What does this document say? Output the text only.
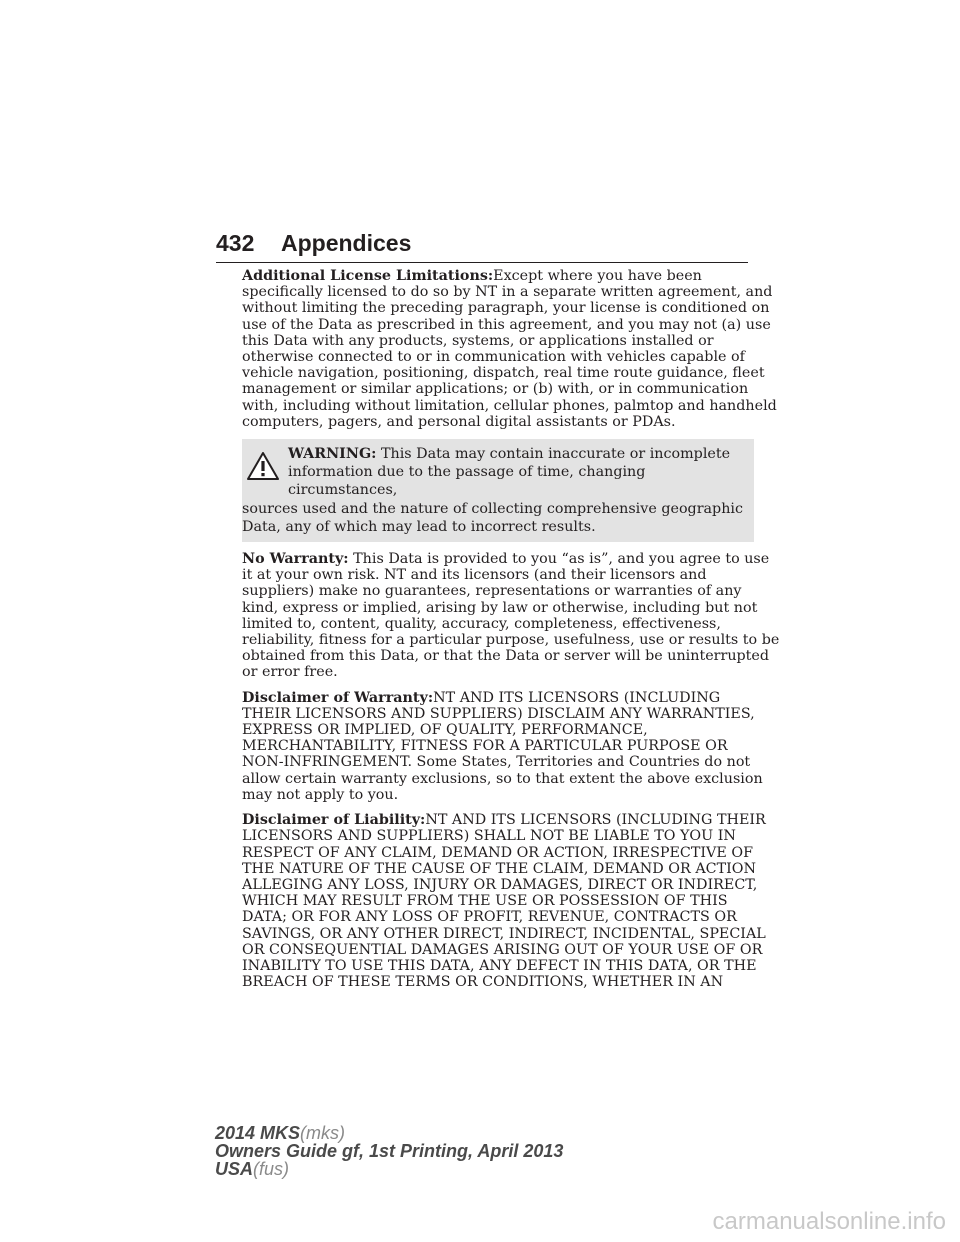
432 Appendices

Additional License Limitations:Except where you have been
specifically licensed to do so by NT in a separate written agreement, and
without limiting the preceding paragraph, your license is conditioned on
use of the Data as prescribed in this agreement, and you may not (a) use
this Data with any products, systems, or applications installed or
otherwise connected to or in communication with vehicles capable of
vehicle navigation, positioning, dispatch, real time route guidance, fleet
management or similar applications; or (b) with, or in communication
with, including without limitation, cellular phones, palmtop and handheld
computers, pagers, and personal digital assistants or PDAs.

WARNING: This Data may contain inaccurate or incomplete
information due to the passage of time, changing circumstances,
sources used and the nature of collecting comprehensive geographic
Data, any of which may lead to incorrect results.

No Warranty: This Data is provided to you “as is”, and you agree to use
it at your own risk. NT and its licensors (and their licensors and
suppliers) make no guarantees, representations or warranties of any
kind, express or implied, arising by law or otherwise, including but not
limited to, content, quality, accuracy, completeness, effectiveness,
reliability, fitness for a particular purpose, usefulness, use or results to be
obtained from this Data, or that the Data or server will be uninterrupted
or error free.

Disclaimer of Warranty:NT AND ITS LICENSORS (INCLUDING
THEIR LICENSORS AND SUPPLIERS) DISCLAIM ANY WARRANTIES,
EXPRESS OR IMPLIED, OF QUALITY, PERFORMANCE,
MERCHANTABILITY, FITNESS FOR A PARTICULAR PURPOSE OR
NON-INFRINGEMENT. Some States, Territories and Countries do not
allow certain warranty exclusions, so to that extent the above exclusion
may not apply to you.

Disclaimer of Liability:NT AND ITS LICENSORS (INCLUDING THEIR
LICENSORS AND SUPPLIERS) SHALL NOT BE LIABLE TO YOU IN
RESPECT OF ANY CLAIM, DEMAND OR ACTION, IRRESPECTIVE OF
THE NATURE OF THE CAUSE OF THE CLAIM, DEMAND OR ACTION
ALLEGING ANY LOSS, INJURY OR DAMAGES, DIRECT OR INDIRECT,
WHICH MAY RESULT FROM THE USE OR POSSESSION OF THIS
DATA; OR FOR ANY LOSS OF PROFIT, REVENUE, CONTRACTS OR
SAVINGS, OR ANY OTHER DIRECT, INDIRECT, INCIDENTAL, SPECIAL
OR CONSEQUENTIAL DAMAGES ARISING OUT OF YOUR USE OF OR
INABILITY TO USE THIS DATA, ANY DEFECT IN THIS DATA, OR THE
BREACH OF THESE TERMS OR CONDITIONS, WHETHER IN AN

2014 MKS(mks)
Owners Guide gf, 1st Printing, April 2013
USA(fus)
carmanualsonline.info
